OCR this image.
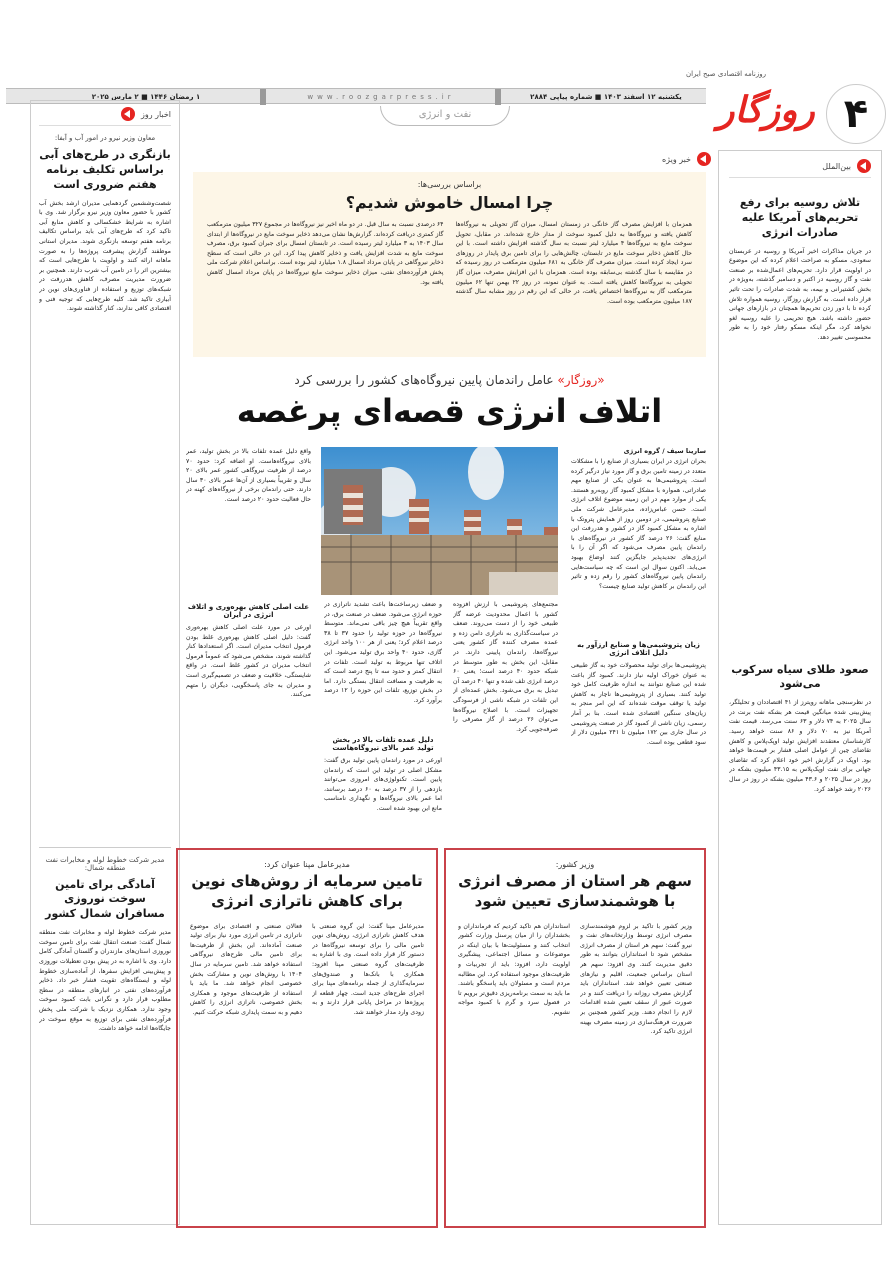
روزنامه اقتصادی صبح ایران
۴
روزگار
یکشنبه ۱۲ اسفند ۱۴۰۳ ■ شماره پیاپی ۲۸۸۴
www.roozgarpress.ir
۱ رمضان ۱۴۴۶ ■ ۲ مارس ۲۰۲۵
نفت و انرژی
اخبار روز
معاون وزیر نیرو در امور آب و آبفا:
بازنگری در طرح‌های آبی براساس تکلیف برنامه هفتم ضروری است
شصت‌وششمین گردهمایی مدیران ارشد بخش آب کشور با حضور معاون وزیر نیرو برگزار شد. وی با اشاره به شرایط خشکسالی و کاهش منابع آبی تاکید کرد که طرح‌های آبی باید براساس تکالیف برنامه هفتم توسعه بازنگری شوند. مدیران استانی موظفند گزارش پیشرفت پروژه‌ها را به صورت ماهانه ارائه کنند و اولویت با طرح‌هایی است که بیشترین اثر را در تامین آب شرب دارند. همچنین بر ضرورت مدیریت مصرف، کاهش هدررفت در شبکه‌های توزیع و استفاده از فناوری‌های نوین در آبیاری تاکید شد. کلیه طرح‌هایی که توجیه فنی و اقتصادی کافی ندارند، کنار گذاشته شوند.
مدیر شرکت خطوط لوله و مخابرات نفت منطقه شمال:
آمادگی برای تامین سوخت نوروزی مسافران شمال کشور
مدیر شرکت خطوط لوله و مخابرات نفت منطقه شمال گفت: صنعت انتقال نفت برای تامین سوخت نوروزی استان‌های مازندران و گلستان آمادگی کامل دارد. وی با اشاره به در پیش بودن تعطیلات نوروزی و پیش‌بینی افزایش سفرها، از آماده‌سازی خطوط لوله و ایستگاه‌های تقویت فشار خبر داد. ذخایر فرآورده‌های نفتی در انبارهای منطقه در سطح مطلوب قرار دارد و نگرانی بابت کمبود سوخت وجود ندارد. همکاری نزدیک با شرکت ملی پخش فرآورده‌های نفتی برای توزیع به موقع سوخت در جایگاه‌ها ادامه خواهد داشت.
بین‌الملل
تلاش روسیه برای رفع تحریم‌های آمریکا علیه صادرات انرژی
در جریان مذاکرات اخیر آمریکا و روسیه در عربستان سعودی، مسکو به صراحت اعلام کرده که این موضوع در اولویت قرار دارد. تحریم‌های اعمال‌شده بر صنعت نفت و گاز روسیه در اکتبر و دسامبر گذشته، به‌ویژه در بخش کشتیرانی و بیمه، به شدت صادرات را تحت تاثیر قرار داده است. به گزارش روزگار، روسیه همواره تلاش کرده تا با دور زدن تحریم‌ها همچنان در بازارهای جهانی حضور داشته باشد. هیچ تحریمی را علیه روسیه لغو نخواهد کرد، مگر اینکه مسکو رفتار خود را به طور محسوسی تغییر دهد.
صعود طلای سیاه سرکوب می‌شود
در نظرسنجی ماهانه رویترز از ۴۱ اقتصاددان و تحلیلگر، پیش‌بینی شده میانگین قیمت هر بشکه نفت برنت در سال ۲۰۲۵ به ۷۴ دلار و ۶۳ سنت می‌رسد. قیمت نفت آمریکا نیز به ۷۰ دلار و ۸۶ سنت خواهد رسید. کارشناسان معتقدند افزایش تولید اوپک‌پلاس و کاهش تقاضای چین از عوامل اصلی فشار بر قیمت‌ها خواهد بود. اوپک در گزارش اخیر خود اعلام کرد که تقاضای جهانی برای نفت اوپک‌پلاس به ۴۳.۱۵ میلیون بشکه در روز در سال ۲۰۲۵ و ۴۳.۶ میلیون بشکه در روز در سال ۲۰۲۶ رشد خواهد کرد.
خبر ویژه
براساس بررسی‌ها:
چرا امسال خاموش شدیم؟
همزمان با افزایش مصرف گاز خانگی در زمستان امسال، میزان گاز تحویلی به نیروگاه‌ها کاهش یافته و نیروگاه‌ها به دلیل کمبود سوخت از مدار خارج شده‌اند. در مقابل، تحویل سوخت مایع به نیروگاه‌ها ۴ میلیارد لیتر نسبت به سال گذشته افزایش داشته است. با این حال کاهش ذخایر سوخت مایع در تابستان، چالش‌هایی را برای تامین برق پایدار در روزهای سرد ایجاد کرده است. میزان مصرف گاز خانگی به ۶۸۱ میلیون مترمکعب در روز رسیده که در مقایسه با سال گذشته بی‌سابقه بوده است. همزمان با این افزایش مصرف، میزان گاز تحویلی به نیروگاه‌ها کاهش یافته است. به عنوان نمونه، در روز ۲۲ بهمن تنها ۶۲ میلیون مترمکعب گاز به نیروگاه‌ها اختصاص یافت، در حالی که این رقم در روز مشابه سال گذشته ۱۸۷ میلیون مترمکعب بوده است.
۶۴ درصدی نسبت به سال قبل. در دو ماه اخیر نیز نیروگاه‌ها در مجموع ۳۲۷ میلیون مترمکعب گاز کمتری دریافت کرده‌اند. گزارش‌ها نشان می‌دهد ذخایر سوخت مایع در نیروگاه‌ها از ابتدای سال ۱۴۰۳ به ۳ میلیارد لیتر رسیده است. در تابستان امسال برای جبران کمبود برق، مصرف سوخت مایع به شدت افزایش یافت و ذخایر کاهش پیدا کرد. این در حالی است که سطح ذخایر نیروگاهی در پایان مرداد امسال ۱.۸ میلیارد لیتر بوده است. براساس اعلام شرکت ملی پخش فرآورده‌های نفتی، میزان ذخایر سوخت مایع نیروگاه‌ها در پایان مرداد امسال کاهش یافته بود.
«روزگار» عامل راندمان پایین نیروگاه‌های کشور را بررسی کرد
اتلاف انرژی قصه‌ای پرغصه
سارینا سیف / گروه انرژی
بحران انرژی در ایران بسیاری از صنایع را با مشکلات متعدد در زمینه تامین برق و گاز مورد نیاز درگیر کرده است. پتروشیمی‌ها به عنوان یکی از صنایع مهم صادراتی، همواره با مشکل کمبود گاز روبه‌رو هستند. یکی از موارد مهم در این زمینه موضوع اتلاف انرژی است. حسن عباس‌زاده، مدیرعامل شرکت ملی صنایع پتروشیمی، در دومین روز از همایش پتروتک با اشاره به مشکل کمبود گاز در کشور و هدررفت این منابع گفت: ۲۶ درصد گاز کشور در نیروگاه‌های با راندمان پایین مصرف می‌شود که اگر آن را با انرژی‌های تجدیدپذیر جایگزین کنند اوضاع بهبود می‌یابد. اکنون سوال این است که چه سیاست‌هایی راندمان پایین نیروگاه‌های کشور را رقم زده و تاثیر این راندمان بر کاهش تولید صنایع چیست؟
زیان پتروشیمی‌ها و صنایع ارزآور به دلیل اتلاف انرژی
پتروشیمی‌ها برای تولید محصولات خود به گاز طبیعی به عنوان خوراک اولیه نیاز دارند. کمبود گاز باعث شده این صنایع نتوانند به اندازه ظرفیت کامل خود تولید کنند. بسیاری از پتروشیمی‌ها ناچار به کاهش تولید یا توقف موقت شده‌اند که این امر منجر به زیان‌های سنگین اقتصادی شده است. بنا بر آمار رسمی، زیان ناشی از کمبود گاز در صنعت پتروشیمی در سال جاری بین ۱۷۲ میلیون تا ۲۴۱ میلیون دلار از سود قطعی بوده است.
واقع دلیل عمده تلفات بالا در بخش تولید، عمر بالای نیروگاه‌هاست. او اضافه کرد: حدود ۷۰ درصد از ظرفیت نیروگاهی کشور عمر بالای ۲۰ سال و تقریباً بسیاری از آن‌ها عمر بالای ۳۰ سال دارند. حتی راندمان برخی از نیروگاه‌های کهنه در حال فعالیت حدود ۲۰ درصد است.
علت اصلی کاهش بهره‌وری و اتلاف انرژی در ایران
اورعی در مورد علت اصلی کاهش بهره‌وری گفت: دلیل اصلی کاهش بهره‌وری غلط بودن فرمول انتخاب مدیران است. اگر استعدادها کنار گذاشته شوند، مشخص می‌شود که عموماً فرمول انتخاب مدیران در کشور غلط است. در واقع شایستگی، خلاقیت و ضعف در تصمیم‌گیری است و مدیران به جای پاسخگویی، دیگران را متهم می‌کنند.
مجتمع‌های پتروشیمی با ارزش افزوده کشور با اعمال محدودیت عرضه گاز طبیعی خود را از دست می‌روند. ضعف در سیاست‌گذاری به ناترازی دامن زده و عمده مصرف کننده گاز کشور یعنی نیروگاه‌ها، راندمان پایینی دارند. در مقابل، این بخش به طور متوسط در شبکه حدود ۴۰ درصد است؛ یعنی ۶۰ درصد انرژی تلف شده و تنها ۴۰ درصد آن تبدیل به برق می‌شود. بخش عمده‌ای از این تلفات در شبکه ناشی از فرسودگی تجهیزات است. با اصلاح نیروگاه‌ها می‌توان ۲۶ درصد از گاز مصرفی را صرفه‌جویی کرد.
و ضعف زیرساخت‌ها باعث تشدید ناترازی در حوزه انرژی می‌شود. ضعف در صنعت برق، در واقع تقریباً هیچ چیز باقی نمی‌ماند. متوسط نیروگاه‌ها در حوزه تولید را حدود ۳۷ تا ۳۸ درصد اعلام کرد؛ یعنی از هر ۱۰۰ واحد انرژی گازی، حدود ۴۰ واحد برق تولید می‌شود. این اتلاف تنها مربوط به تولید است. تلفات در انتقال کمتر و حدود سه تا پنج درصد است که به ظرفیت و مسافت انتقال بستگی دارد. اما در بخش توزیع، تلفات این حوزه را ۱۲ درصد برآورد کرد.
دلیل عمده تلفات بالا در بخش تولید عمر بالای نیروگاه‌هاست
اورعی در مورد راندمان پایین تولید برق گفت: مشکل اصلی در تولید این است که راندمان پایین است. تکنولوژی‌های امروزی می‌توانند بازدهی را از ۳۷ درصد به ۶۰ درصد برسانند، اما عمر بالای نیروگاه‌ها و نگهداری نامناسب مانع این بهبود شده است.
وزیر کشور:
سهم هر استان از مصرف انرژی با هوشمندسازی تعیین شود
وزیر کشور با تاکید بر لزوم هوشمندسازی مصرف انرژی توسط وزارتخانه‌های نفت و نیرو گفت: سهم هر استان از مصرف انرژی مشخص شود تا استانداران بتوانند به طور دقیق مدیریت کنند. وی افزود: سهم هر استان براساس جمعیت، اقلیم و نیازهای صنعتی تعیین خواهد شد. استانداران باید گزارش مصرف روزانه را دریافت کنند و در صورت عبور از سقف تعیین شده اقدامات لازم را انجام دهند. وزیر کشور همچنین بر ضرورت فرهنگ‌سازی در زمینه مصرف بهینه انرژی تاکید کرد.
استانداران هم تاکید کردیم که فرمانداران و بخشداران را از میان پرسنل وزارت کشور انتخاب کنند و مسئولیت‌ها با بیان اینکه در موضوعات و مسائل اجتماعی، پیشگیری اولویت دارد، افزود: باید از تجربیات و ظرفیت‌های موجود استفاده کرد. این مطالبه مردم است و مسئولان باید پاسخگو باشند. ما باید به سمت برنامه‌ریزی دقیق‌تر برویم تا در فصول سرد و گرم با کمبود مواجه نشویم.
مدیرعامل مپنا عنوان کرد:
تامین سرمایه از روش‌های نوین برای کاهش ناترازی انرژی
مدیرعامل مپنا گفت: این گروه صنعتی با هدف کاهش ناترازی انرژی، روش‌های نوین تامین مالی را برای توسعه نیروگاه‌ها در دستور کار قرار داده است. وی با اشاره به ظرفیت‌های گروه صنعتی مپنا افزود: همکاری با بانک‌ها و صندوق‌های سرمایه‌گذاری از جمله برنامه‌های مپنا برای اجرای طرح‌های جدید است. چهار قطعه از پروژه‌ها در مراحل پایانی قرار دارند و به زودی وارد مدار خواهند شد.
فعالان صنعتی و اقتصادی برای موضوع ناترازی در تامین انرژی مورد نیاز برای تولید صنعت آماده‌اند. این بخش از ظرفیت‌ها برای تامین مالی طرح‌های نیروگاهی استفاده خواهد شد. تامین سرمایه در سال ۱۴۰۴ با روش‌های نوین و مشارکت بخش خصوصی انجام خواهد شد. ما باید با استفاده از ظرفیت‌های موجود و همکاری بخش خصوصی، ناترازی انرژی را کاهش دهیم و به سمت پایداری شبکه حرکت کنیم.
